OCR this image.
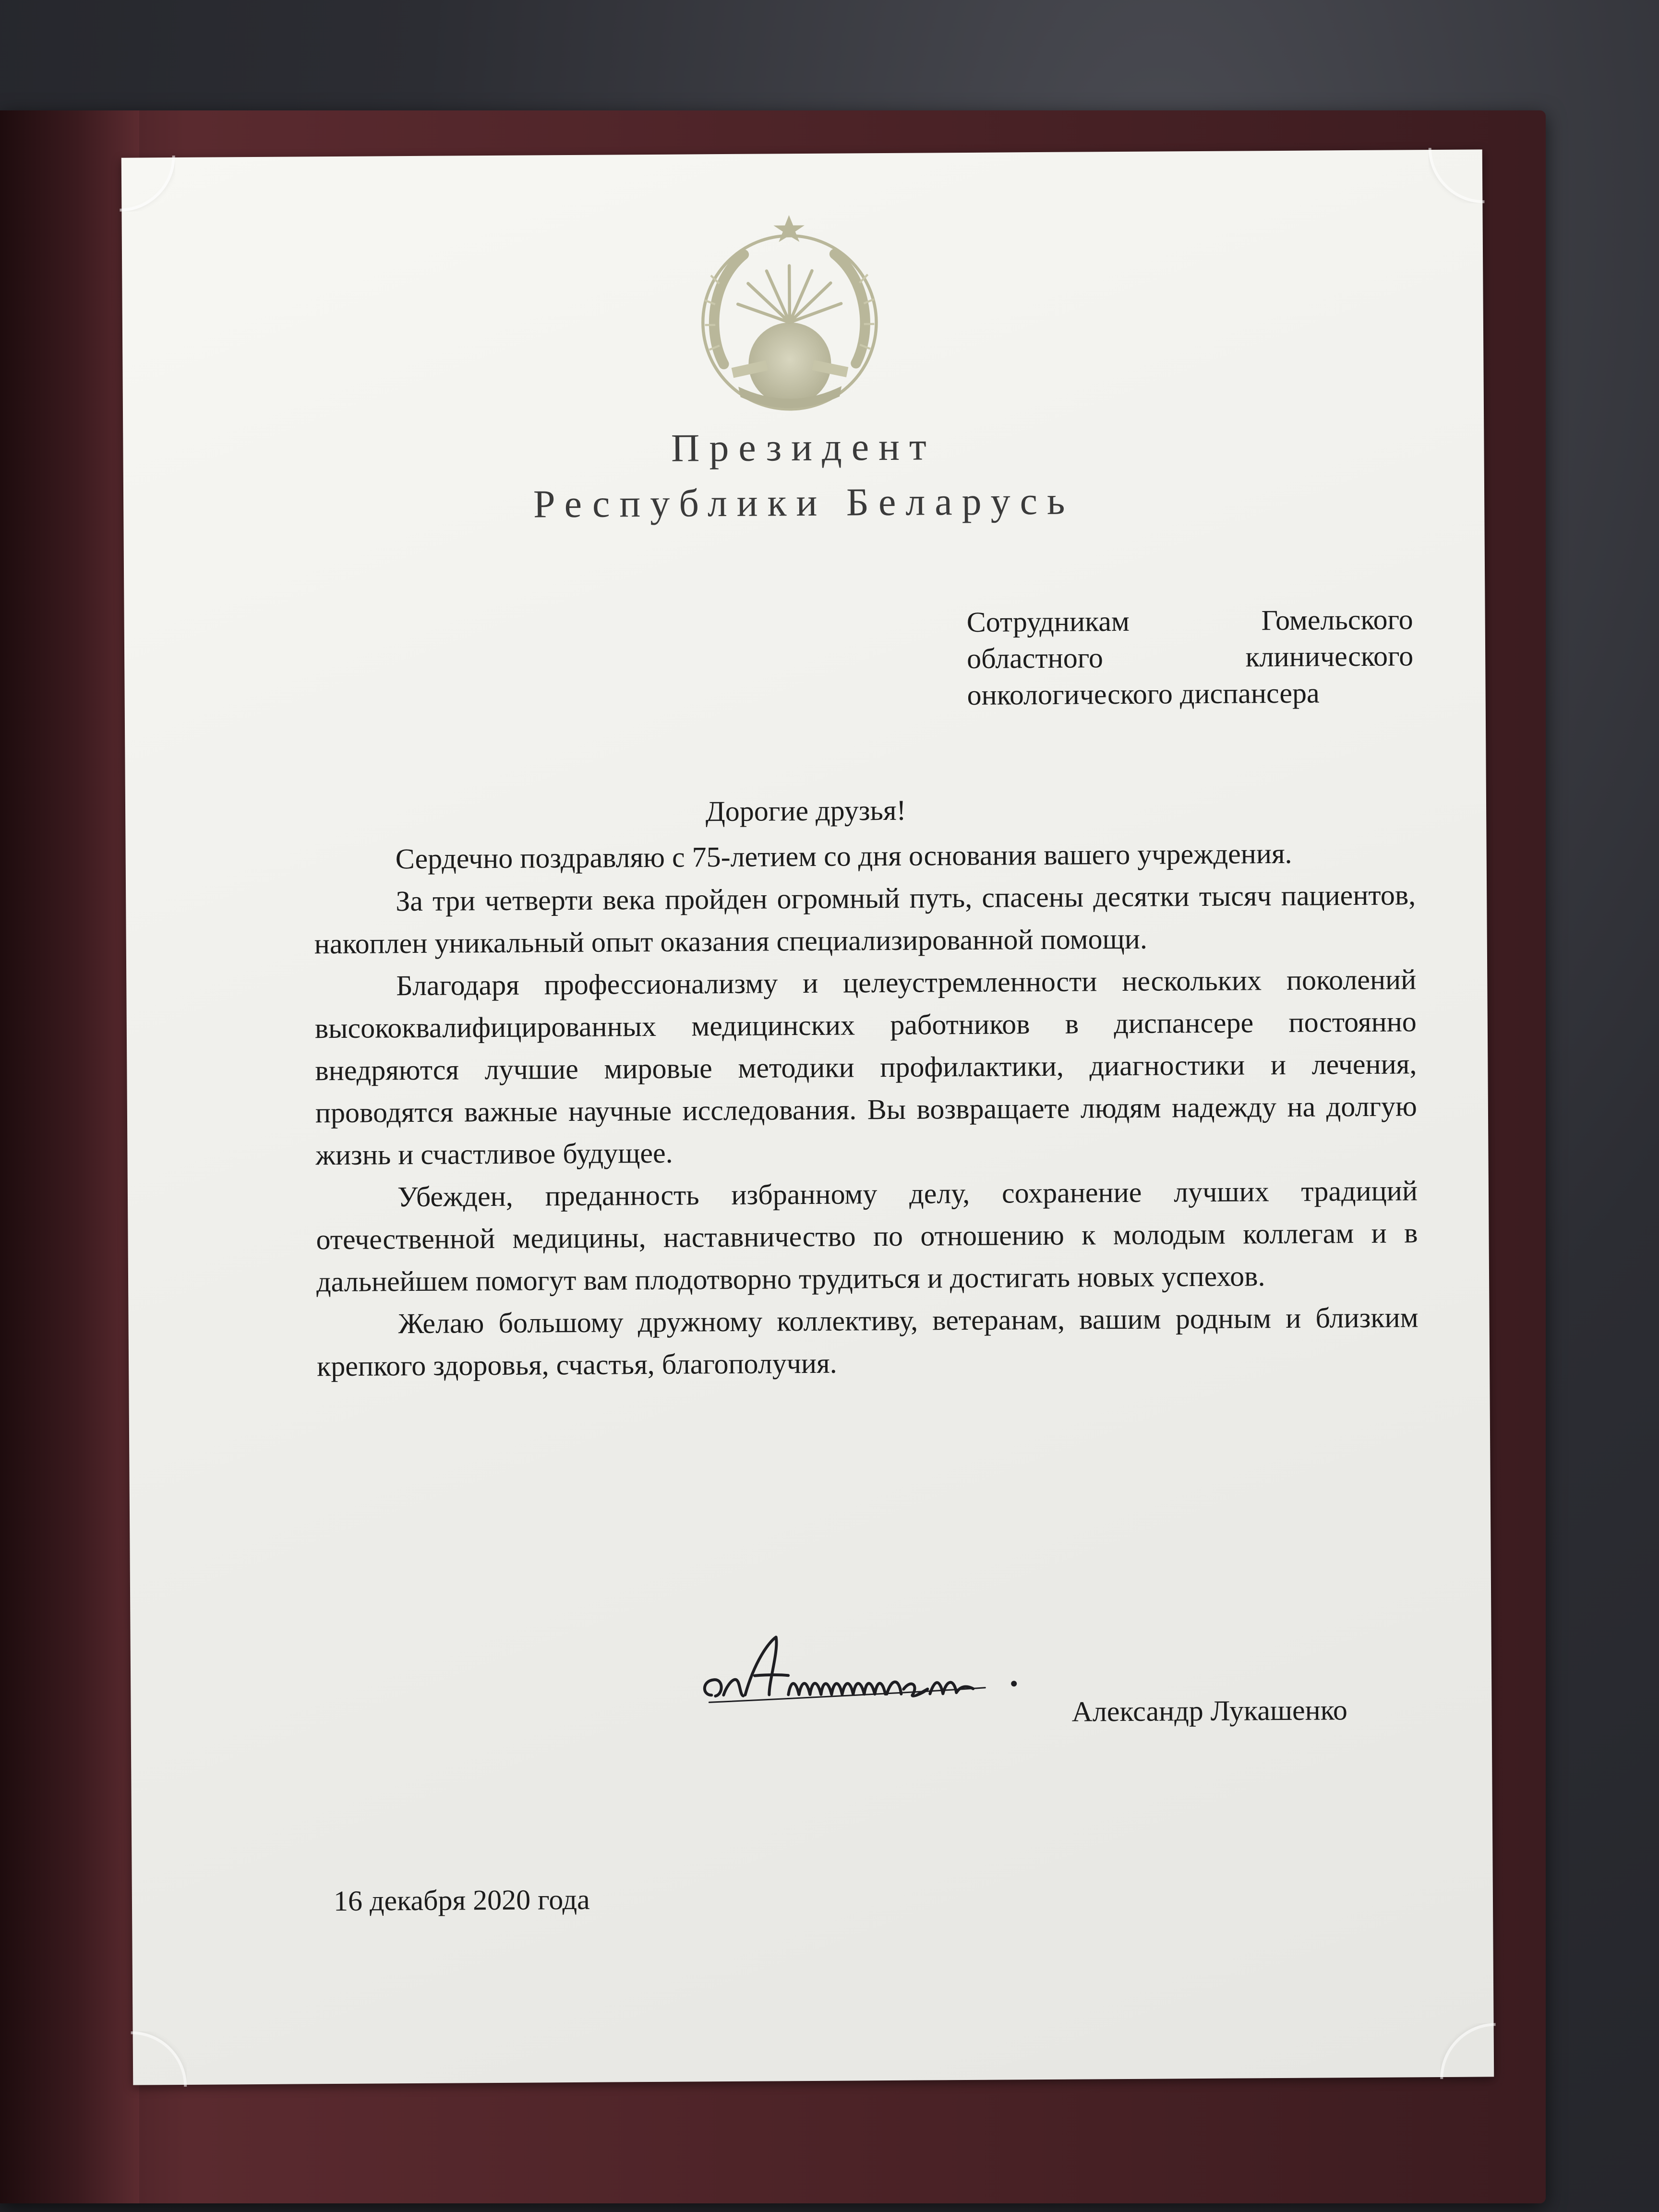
Президент
Республики Беларусь
Сотрудникам Гомельского
областного клинического
онкологического диспансера
Дорогие друзья!

Сердечно поздравляю с 75-летием со дня основания вашего учреждения.

За три четверти века пройден огромный путь, спасены десятки тысяч пациентов, накоплен уникальный опыт оказания специализированной помощи.

Благодаря профессионализму и целеустремленности нескольких поколений высококвалифицированных медицинских работников в диспансере постоянно внедряются лучшие мировые методики профилактики, диагностики и лечения, проводятся важные научные исследования. Вы возвращаете людям надежду на долгую жизнь и счастливое будущее.

Убежден, преданность избранному делу, сохранение лучших традиций отечественной медицины, наставничество по отношению к молодым коллегам и в дальнейшем помогут вам плодотворно трудиться и достигать новых успехов.

Желаю большому дружному коллективу, ветеранам, вашим родным и близким крепкого здоровья, счастья, благополучия.

Александр Лукашенко
16 декабря 2020 года
